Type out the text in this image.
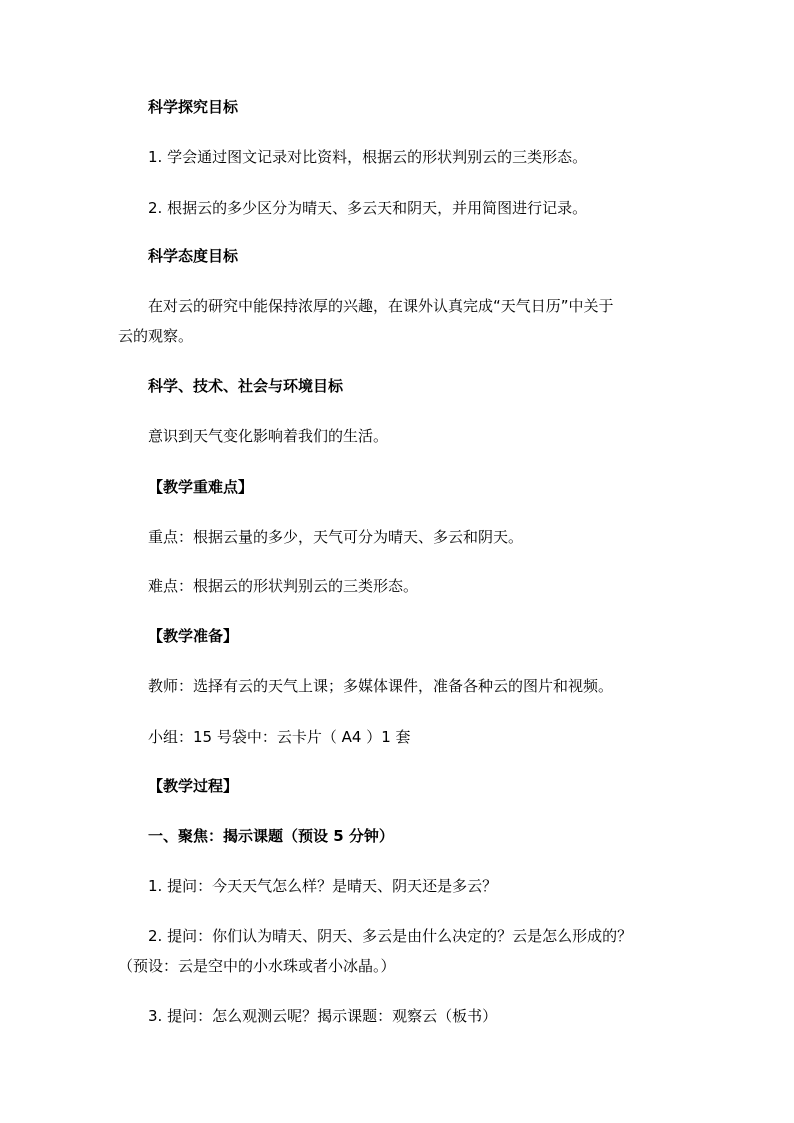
科学探究目标
1. 学会通过图文记录对比资料，根据云的形状判别云的三类形态。
2. 根据云的多少区分为晴天、多云天和阴天，并用简图进行记录。
科学态度目标
在对云的研究中能保持浓厚的兴趣，在课外认真完成“天气日历”中关于
云的观察。
科学、技术、社会与环境目标
意识到天气变化影响着我们的生活。
【教学重难点】
重点：根据云量的多少，天气可分为晴天、多云和阴天。
难点：根据云的形状判别云的三类形态。
【教学准备】
教师：选择有云的天气上课；多媒体课件，准备各种云的图片和视频。
小组：15 号袋中：云卡片（ A4 ）1 套
【教学过程】
一、聚焦：揭示课题（预设 5 分钟）
1. 提问：今天天气怎么样？是晴天、阴天还是多云？
2. 提问：你们认为晴天、阴天、多云是由什么决定的？云是怎么形成的？
（预设：云是空中的小水珠或者小冰晶。）
3. 提问：怎么观测云呢？揭示课题：观察云（板书）
